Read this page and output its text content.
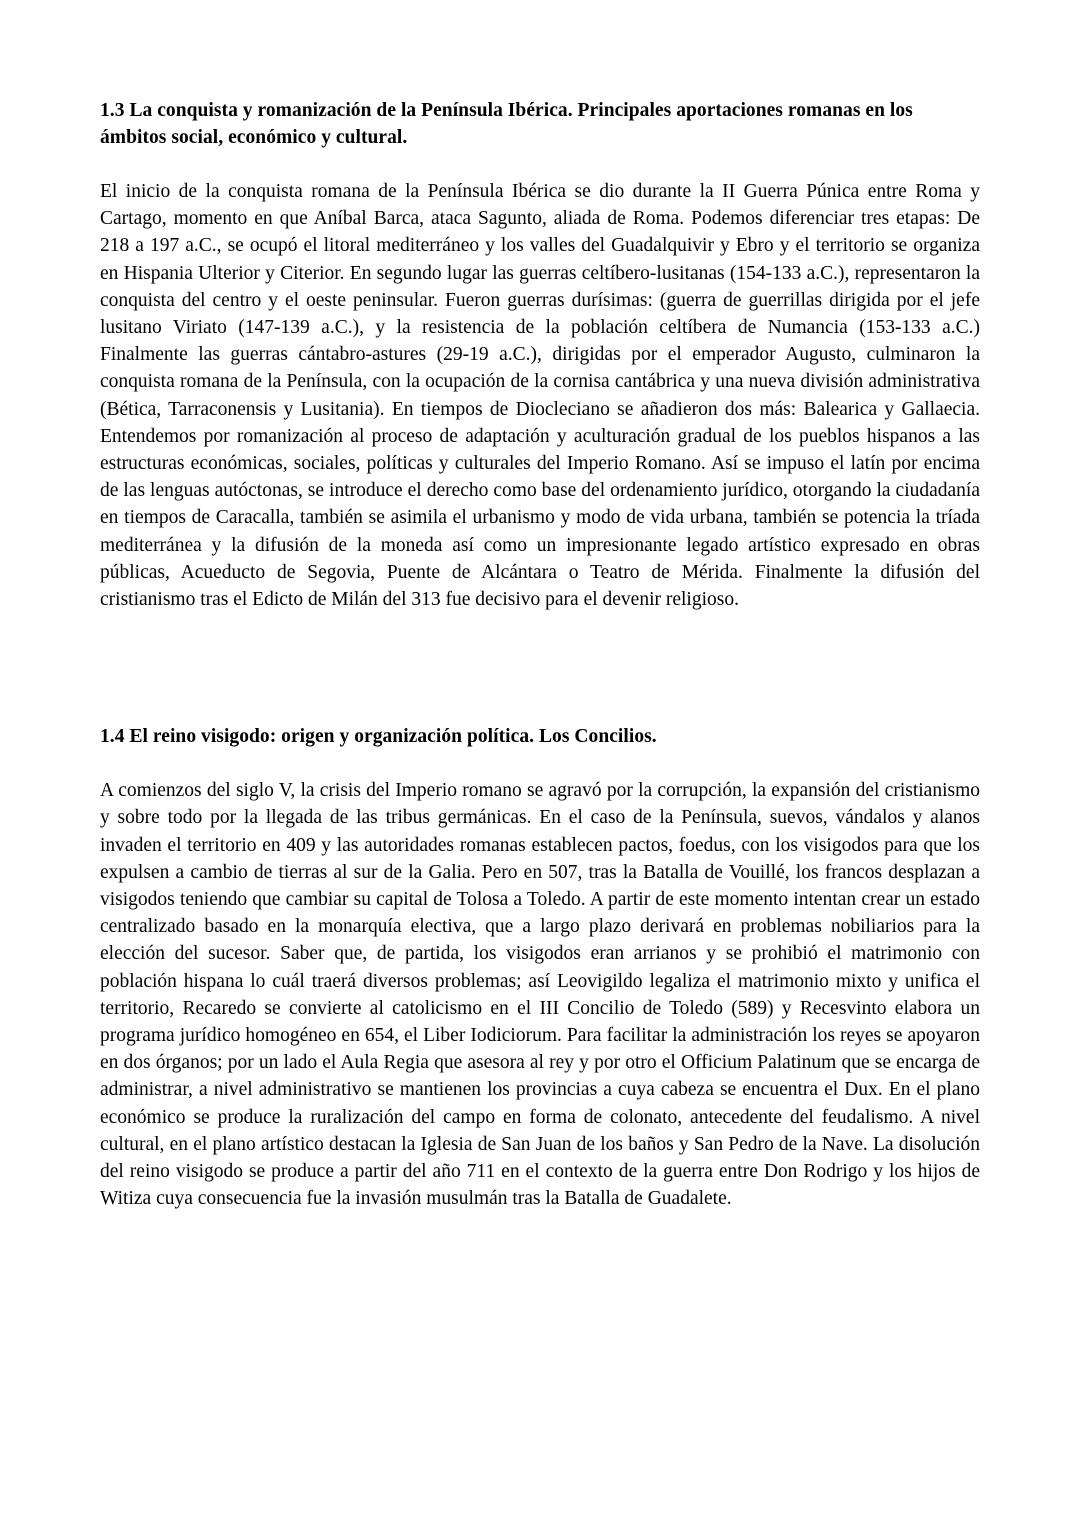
1.3 La conquista y romanización de la Península Ibérica. Principales aportaciones romanas en los ámbitos social, económico y cultural.

El inicio de la conquista romana de la Península Ibérica se dio durante la II Guerra Púnica entre Roma y Cartago, momento en que Aníbal Barca, ataca Sagunto, aliada de Roma. Podemos diferenciar tres etapas: De 218 a 197 a.C., se ocupó el litoral mediterráneo y los valles del Guadalquivir y Ebro y el territorio se organiza en Hispania Ulterior y Citerior. En segundo lugar las guerras celtíbero-lusitanas (154-133 a.C.), representaron la conquista del centro y el oeste peninsular. Fueron guerras durísimas: (guerra de guerrillas dirigida por el jefe lusitano Viriato (147-139 a.C.), y la resistencia de la población celtíbera de Numancia (153-133 a.C.) Finalmente las guerras cántabro-astures (29-19 a.C.), dirigidas por el emperador Augusto, culminaron la conquista romana de la Península, con la ocupación de la cornisa cantábrica y una nueva división administrativa (Bética, Tarraconensis y Lusitania). En tiempos de Diocleciano se añadieron dos más: Balearica y Gallaecia. Entendemos por romanización al proceso de adaptación y aculturación gradual de los pueblos hispanos a las estructuras económicas, sociales, políticas y culturales del Imperio Romano. Así se impuso el latín por encima de las lenguas autóctonas, se introduce el derecho como base del ordenamiento jurídico, otorgando la ciudadanía en tiempos de Caracalla, también se asimila el urbanismo y modo de vida urbana, también se potencia la tríada mediterránea y la difusión de la moneda así como un impresionante legado artístico expresado en obras públicas, Acueducto de Segovia, Puente de Alcántara o Teatro de Mérida. Finalmente la difusión del cristianismo tras el Edicto de Milán del 313 fue decisivo para el devenir religioso.

1.4 El reino visigodo: origen y organización política. Los Concilios.

A comienzos del siglo V, la crisis del Imperio romano se agravó por la corrupción, la expansión del cristianismo y sobre todo por la llegada de las tribus germánicas. En el caso de la Península, suevos, vándalos y alanos invaden el territorio en 409 y las autoridades romanas establecen pactos, foedus, con los visigodos para que los expulsen a cambio de tierras al sur de la Galia. Pero en 507, tras la Batalla de Vouillé, los francos desplazan a visigodos teniendo que cambiar su capital de Tolosa a Toledo. A partir de este momento intentan crear un estado centralizado basado en la monarquía electiva, que a largo plazo derivará en problemas nobiliarios para la elección del sucesor. Saber que, de partida, los visigodos eran arrianos y se prohibió el matrimonio con población hispana lo cuál traerá diversos problemas; así Leovigildo legaliza el matrimonio mixto y unifica el territorio, Recaredo se convierte al catolicismo en el III Concilio de Toledo (589) y Recesvinto elabora un programa jurídico homogéneo en 654, el Liber Iodiciorum. Para facilitar la administración los reyes se apoyaron en dos órganos; por un lado el Aula Regia que asesora al rey y por otro el Officium Palatinum que se encarga de administrar, a nivel administrativo se mantienen los provincias a cuya cabeza se encuentra el Dux. En el plano económico se produce la ruralización del campo en forma de colonato, antecedente del feudalismo. A nivel cultural, en el plano artístico destacan la Iglesia de San Juan de los baños y San Pedro de la Nave. La disolución del reino visigodo se produce a partir del año 711 en el contexto de la guerra entre Don Rodrigo y los hijos de Witiza cuya consecuencia fue la invasión musulmán tras la Batalla de Guadalete.
